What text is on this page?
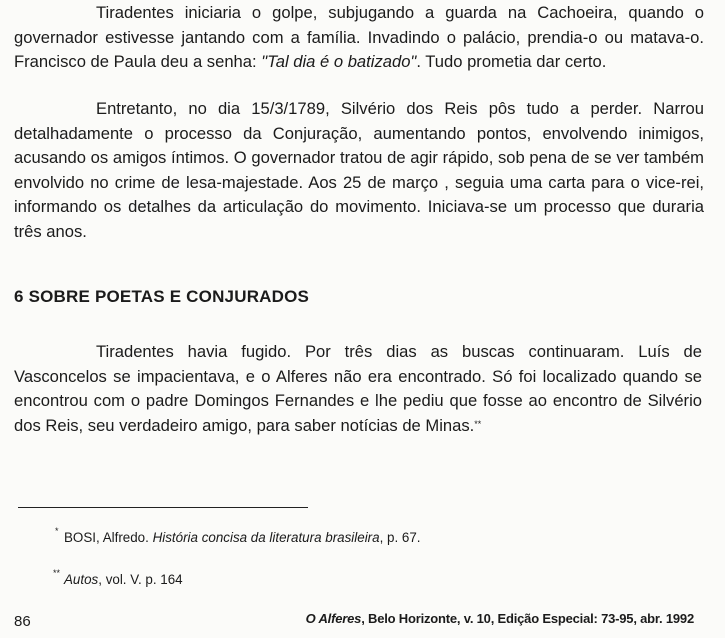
Tiradentes iniciaria o golpe, subjugando a guarda na Cachoeira, quando o governador estivesse jantando com a família. Invadindo o palácio, prendia-o ou matava-o. Francisco de Paula deu a senha: "Tal dia é o batizado". Tudo prometia dar certo.

Entretanto, no dia 15/3/1789, Silvério dos Reis pôs tudo a perder. Narrou detalhadamente o processo da Conjuração, aumentando pontos, envolvendo inimigos, acusando os amigos íntimos. O governador tratou de agir rápido, sob pena de se ver também envolvido no crime de lesa-majestade. Aos 25 de março , seguia uma carta para o vice-rei, informando os detalhes da articulação do movimento. Iniciava-se um processo que duraria três anos.

6 SOBRE POETAS E CONJURADOS

Tiradentes havia fugido. Por três dias as buscas continuaram. Luís de Vasconcelos se impacientava, e o Alferes não era encontrado. Só foi localizado quando se encontrou com o padre Domingos Fernandes e lhe pediu que fosse ao encontro de Silvério dos Reis, seu verdadeiro amigo, para saber notícias de Minas.**

* BOSI, Alfredo. História concisa da literatura brasileira, p. 67.

** Autos, vol. V. p. 164

86	O Alferes, Belo Horizonte, v. 10, Edição Especial: 73-95, abr. 1992
